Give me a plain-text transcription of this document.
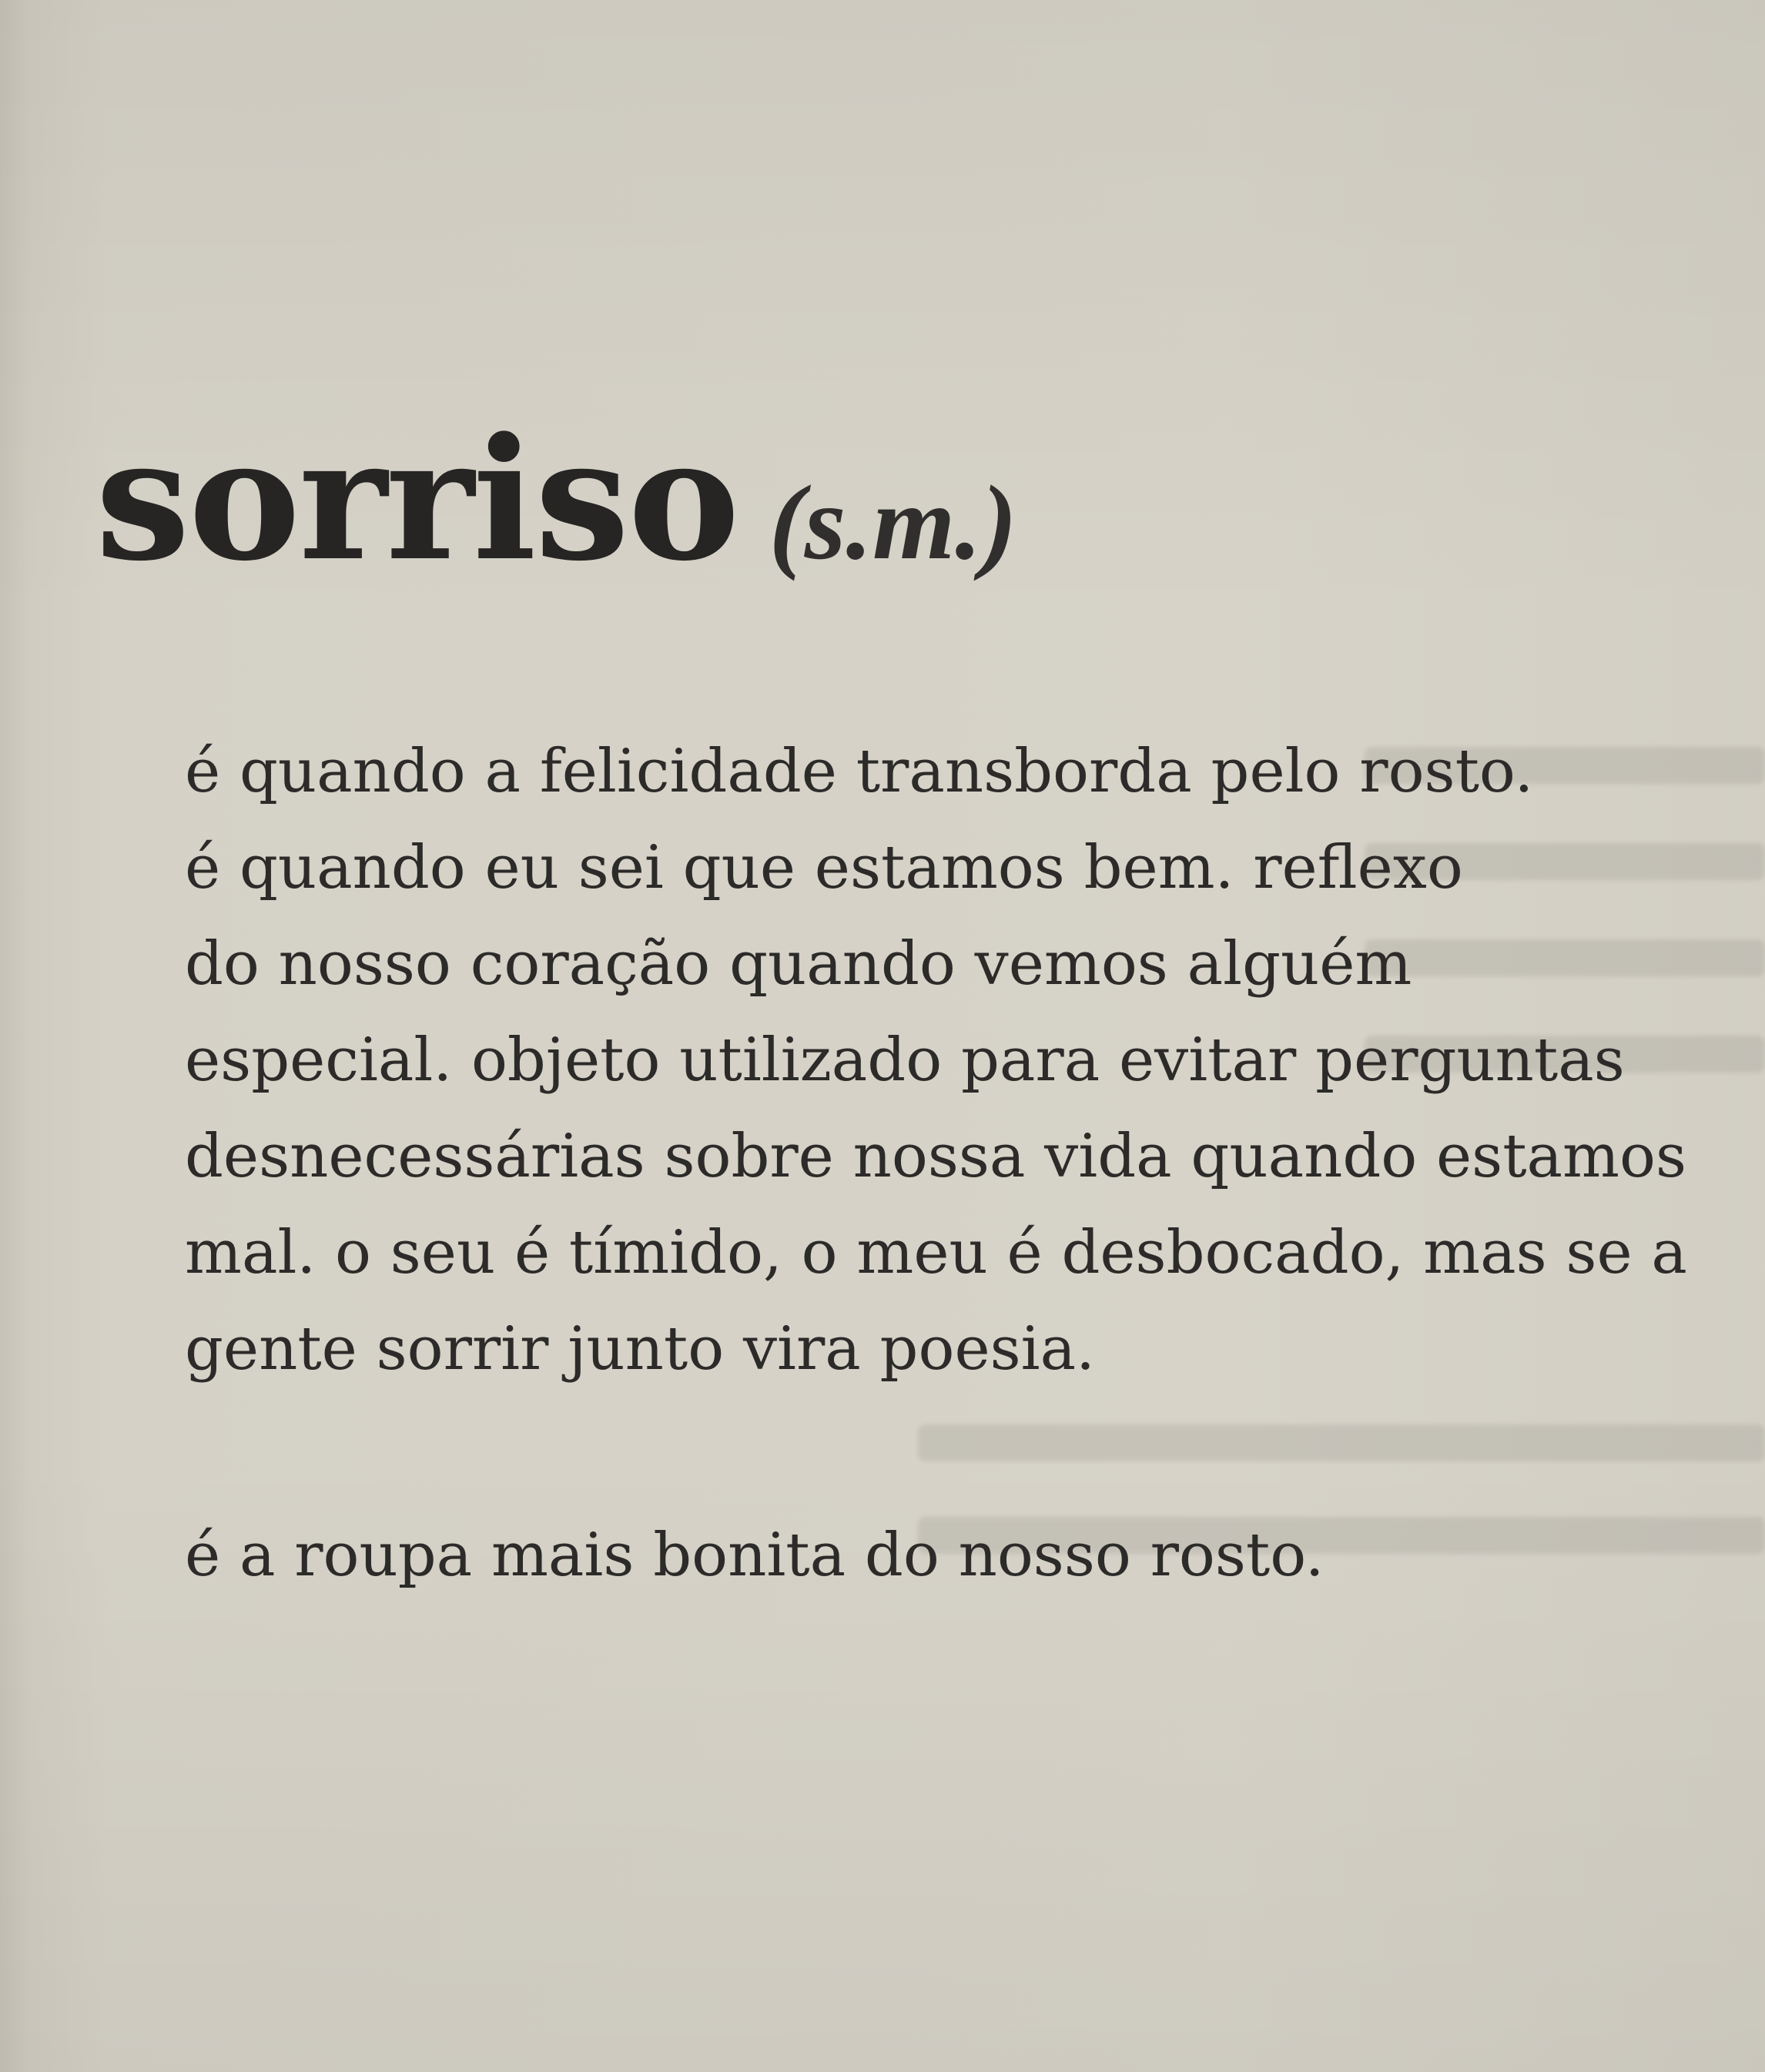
sorriso (s.m.)

é quando a felicidade transborda pelo rosto.
é quando eu sei que estamos bem. reflexo
do nosso coração quando vemos alguém
especial. objeto utilizado para evitar perguntas
desnecessárias sobre nossa vida quando estamos
mal. o seu é tímido, o meu é desbocado, mas se a
gente sorrir junto vira poesia.

é a roupa mais bonita do nosso rosto.
